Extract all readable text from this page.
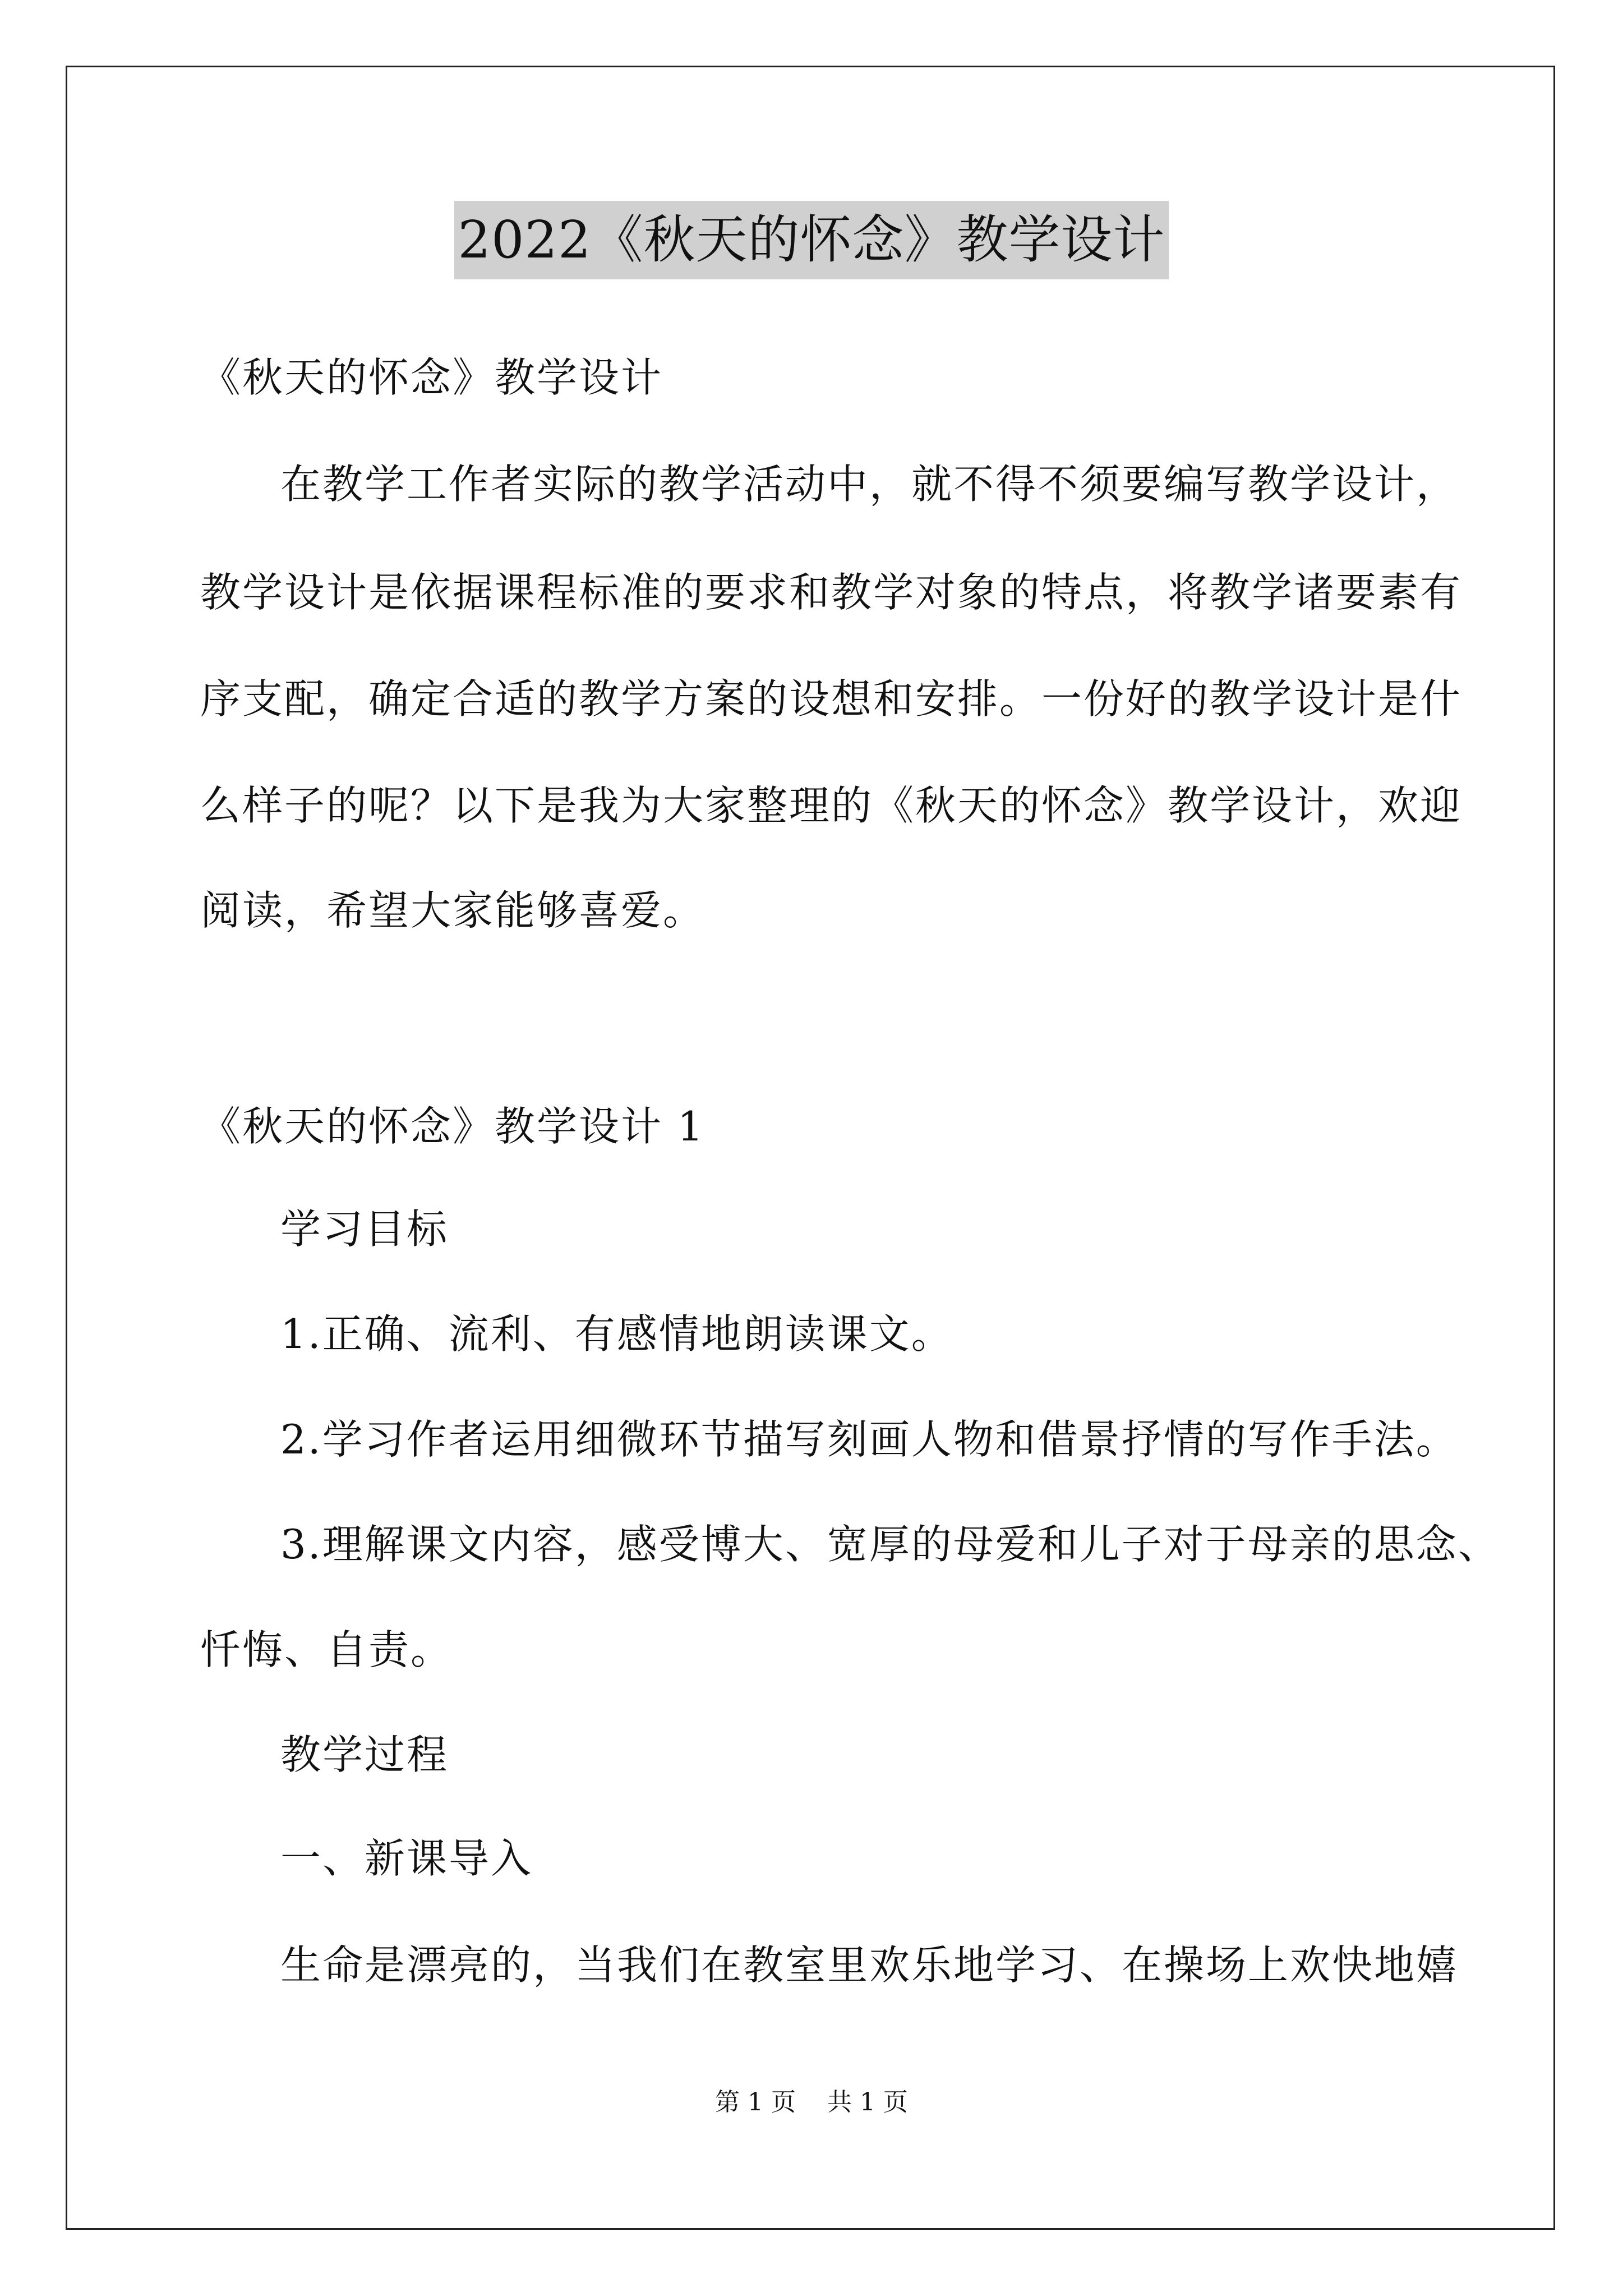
2022《秋天的怀念》教学设计
《秋天的怀念》教学设计
在教学工作者实际的教学活动中，就不得不须要编写教学设计，
教学设计是依据课程标准的要求和教学对象的特点，将教学诸要素有
序支配，确定合适的教学方案的设想和安排。一份好的教学设计是什
么样子的呢？以下是我为大家整理的《秋天的怀念》教学设计，欢迎
阅读，希望大家能够喜爱。
《秋天的怀念》教学设计 1
学习目标
1.正确、流利、有感情地朗读课文。
2.学习作者运用细微环节描写刻画人物和借景抒情的写作手法。
3.理解课文内容，感受博大、宽厚的母爱和儿子对于母亲的思念、
忏悔、自责。
教学过程
一、新课导入
生命是漂亮的，当我们在教室里欢乐地学习、在操场上欢快地嬉
第 1 页    共 1 页
